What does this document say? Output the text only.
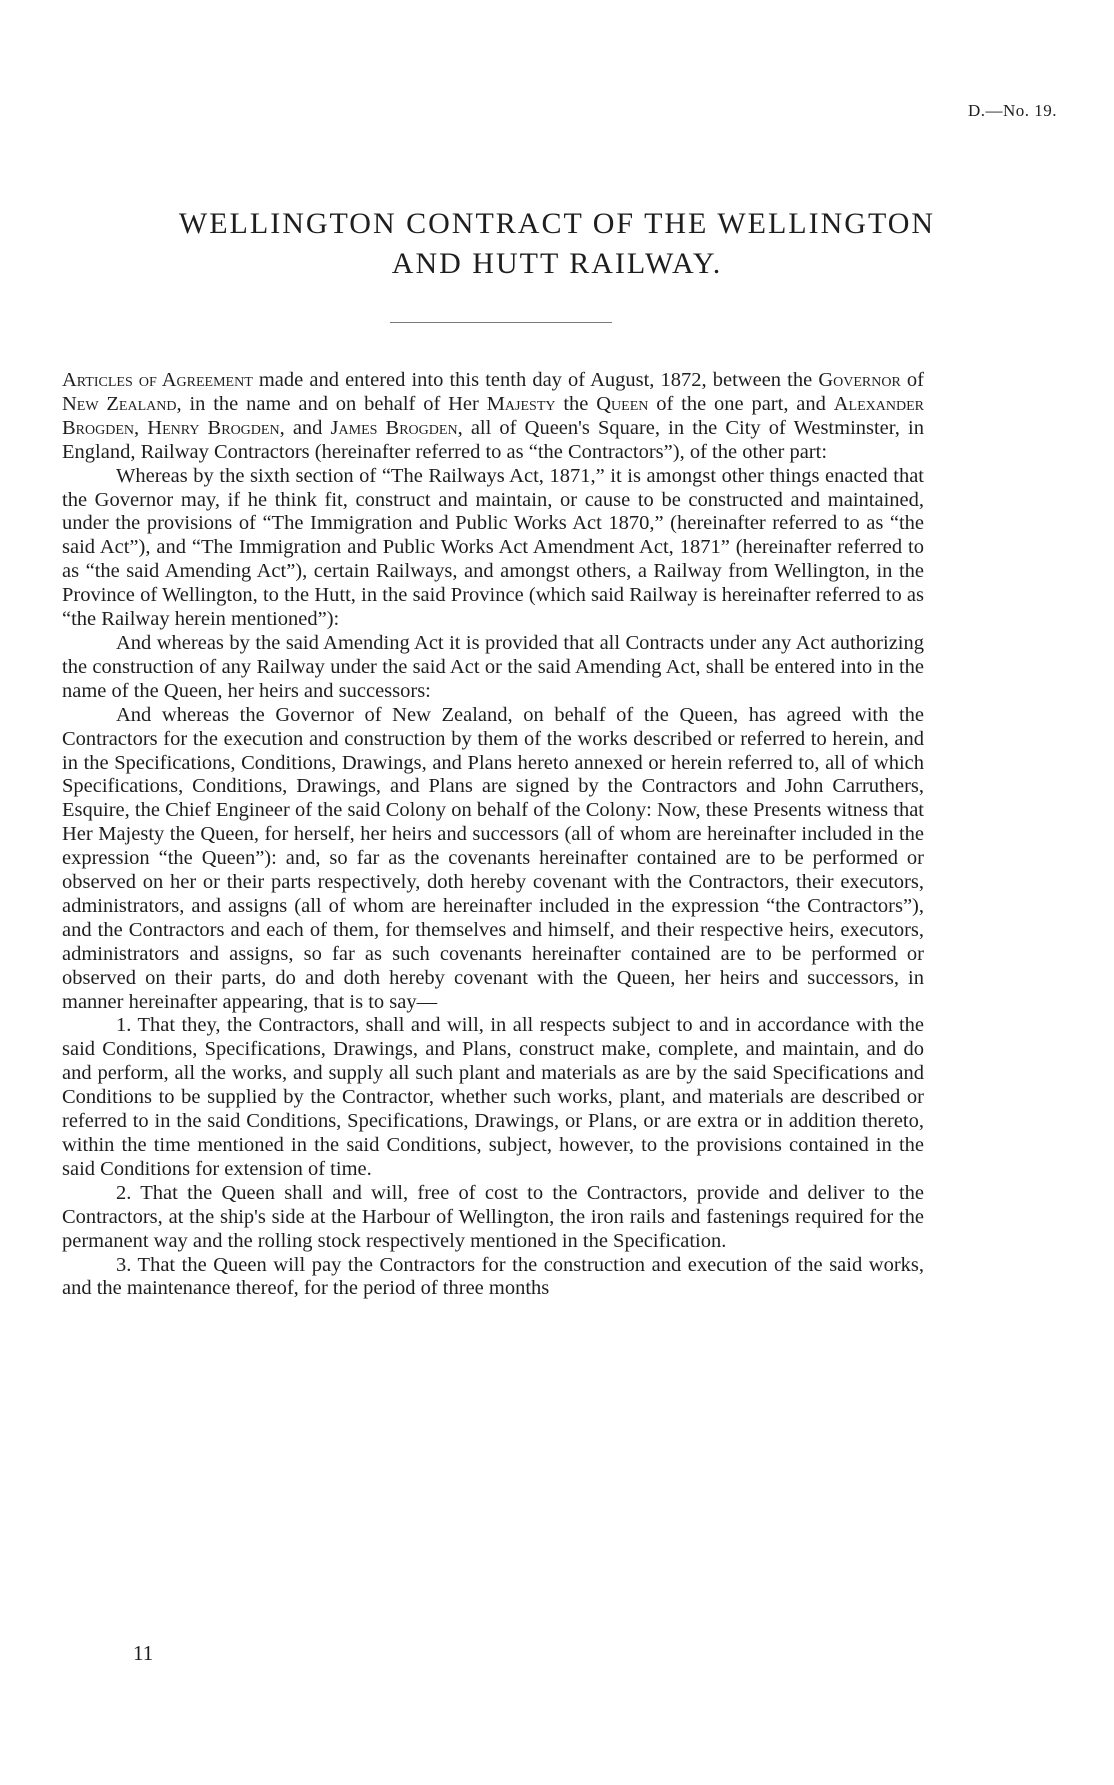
D.—No. 19.
WELLINGTON CONTRACT OF THE WELLINGTON
AND HUTT RAILWAY.

Articles of Agreement made and entered into this tenth day of August, 1872, between the Governor of New Zealand, in the name and on behalf of Her Majesty the Queen of the one part, and Alexander Brogden, Henry Brogden, and James Brogden, all of Queen's Square, in the City of Westminster, in England, Railway Contractors (hereinafter referred to as “the Contractors”), of the other part:

Whereas by the sixth section of “The Railways Act, 1871,” it is amongst other things enacted that the Governor may, if he think fit, construct and maintain, or cause to be constructed and maintained, under the provisions of “The Immigration and Public Works Act 1870,” (hereinafter referred to as “the said Act”), and “The Immigration and Public Works Act Amendment Act, 1871” (hereinafter referred to as “the said Amending Act”), certain Railways, and amongst others, a Railway from Wellington, in the Province of Wellington, to the Hutt, in the said Province (which said Railway is hereinafter referred to as “the Railway herein mentioned”):

And whereas by the said Amending Act it is provided that all Contracts under any Act authorizing the construction of any Railway under the said Act or the said Amending Act, shall be entered into in the name of the Queen, her heirs and successors:

And whereas the Governor of New Zealand, on behalf of the Queen, has agreed with the Contractors for the execution and construction by them of the works described or referred to herein, and in the Specifications, Conditions, Drawings, and Plans hereto annexed or herein referred to, all of which Specifications, Conditions, Drawings, and Plans are signed by the Contractors and John Carruthers, Esquire, the Chief Engineer of the said Colony on behalf of the Colony: Now, these Presents witness that Her Majesty the Queen, for herself, her heirs and successors (all of whom are hereinafter included in the expression “the Queen”): and, so far as the covenants hereinafter contained are to be performed or observed on her or their parts respectively, doth hereby covenant with the Contractors, their executors, administrators, and assigns (all of whom are hereinafter included in the expression “the Contractors”), and the Contractors and each of them, for themselves and himself, and their respective heirs, executors, administrators and assigns, so far as such covenants hereinafter contained are to be performed or observed on their parts, do and doth hereby covenant with the Queen, her heirs and successors, in manner hereinafter appearing, that is to say—

1. That they, the Contractors, shall and will, in all respects subject to and in accordance with the said Conditions, Specifications, Drawings, and Plans, construct make, complete, and maintain, and do and perform, all the works, and supply all such plant and materials as are by the said Specifications and Conditions to be supplied by the Contractor, whether such works, plant, and materials are described or referred to in the said Conditions, Specifications, Drawings, or Plans, or are extra or in addition thereto, within the time mentioned in the said Conditions, subject, however, to the provisions contained in the said Conditions for extension of time.

2. That the Queen shall and will, free of cost to the Contractors, provide and deliver to the Contractors, at the ship's side at the Harbour of Wellington, the iron rails and fastenings required for the permanent way and the rolling stock respectively mentioned in the Specification.

3. That the Queen will pay the Contractors for the construction and execution of the said works, and the maintenance thereof, for the period of three months

11
